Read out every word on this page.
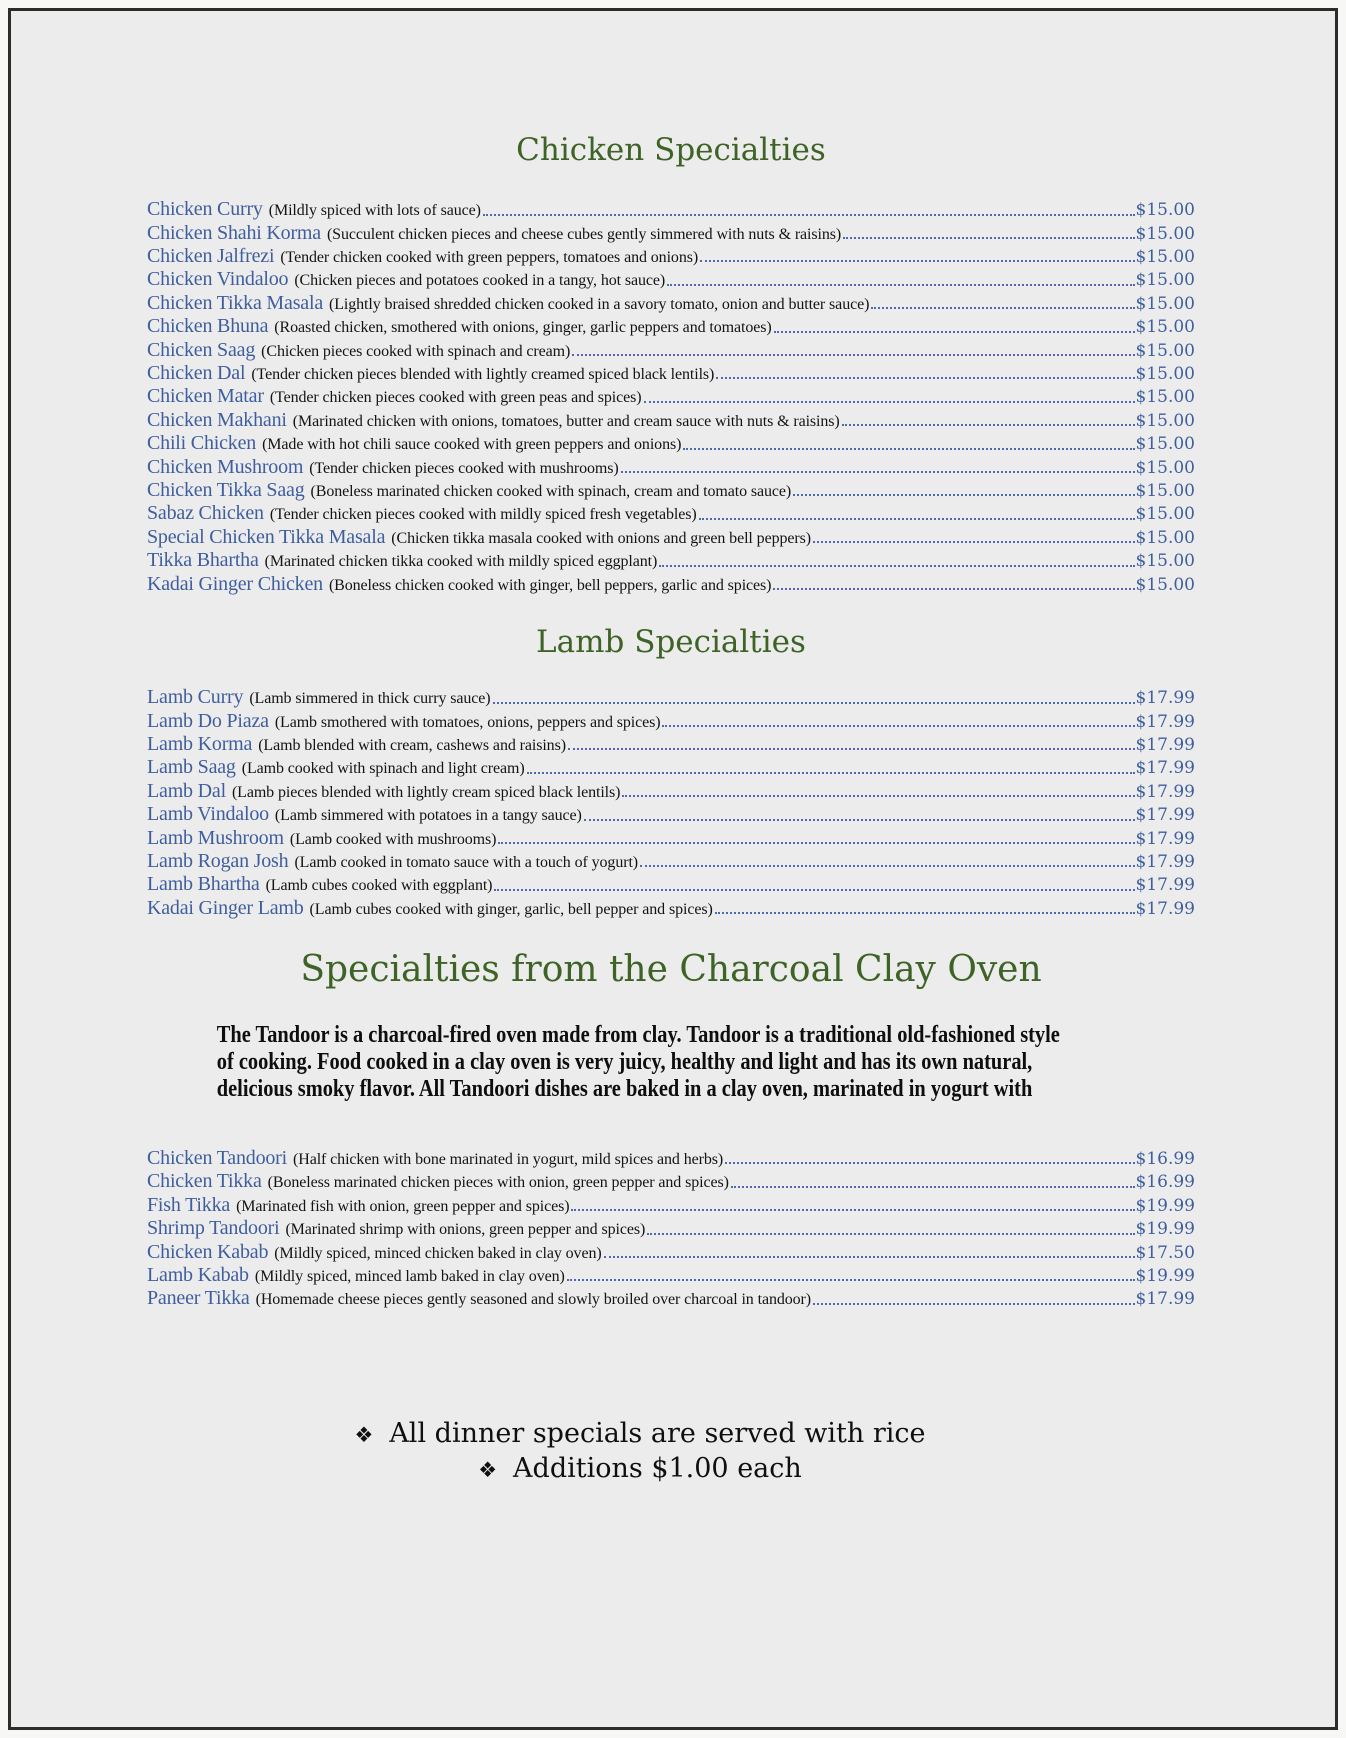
Chicken Specialties
Chicken Curry (Mildly spiced with lots of sauce)	$15.00
Chicken Shahi Korma (Succulent chicken pieces and cheese cubes gently simmered with nuts & raisins)	$15.00
Chicken Jalfrezi (Tender chicken cooked with green peppers, tomatoes and onions)	$15.00
Chicken Vindaloo (Chicken pieces and potatoes cooked in a tangy, hot sauce)	$15.00
Chicken Tikka Masala (Lightly braised shredded chicken cooked in a savory tomato, onion and butter sauce)	$15.00
Chicken Bhuna (Roasted chicken, smothered with onions, ginger, garlic peppers and tomatoes)	$15.00
Chicken Saag (Chicken pieces cooked with spinach and cream)	$15.00
Chicken Dal (Tender chicken pieces blended with lightly creamed spiced black lentils)	$15.00
Chicken Matar (Tender chicken pieces cooked with green peas and spices)	$15.00
Chicken Makhani (Marinated chicken with onions, tomatoes, butter and cream sauce with nuts & raisins)	$15.00
Chili Chicken (Made with hot chili sauce cooked with green peppers and onions)	$15.00
Chicken Mushroom (Tender chicken pieces cooked with mushrooms)	$15.00
Chicken Tikka Saag (Boneless marinated chicken cooked with spinach, cream and tomato sauce)	$15.00
Sabaz Chicken (Tender chicken pieces cooked with mildly spiced fresh vegetables)	$15.00
Special Chicken Tikka Masala (Chicken tikka masala cooked with onions and green bell peppers)	$15.00
Tikka Bhartha (Marinated chicken tikka cooked with mildly spiced eggplant)	$15.00
Kadai Ginger Chicken (Boneless chicken cooked with ginger, bell peppers, garlic and spices)	$15.00
Lamb Specialties
Lamb Curry (Lamb simmered in thick curry sauce)	$17.99
Lamb Do Piaza (Lamb smothered with tomatoes, onions, peppers and spices)	$17.99
Lamb Korma (Lamb blended with cream, cashews and raisins)	$17.99
Lamb Saag (Lamb cooked with spinach and light cream)	$17.99
Lamb Dal (Lamb pieces blended with lightly cream spiced black lentils)	$17.99
Lamb Vindaloo (Lamb simmered with potatoes in a tangy sauce)	$17.99
Lamb Mushroom (Lamb cooked with mushrooms)	$17.99
Lamb Rogan Josh (Lamb cooked in tomato sauce with a touch of yogurt)	$17.99
Lamb Bhartha (Lamb cubes cooked with eggplant)	$17.99
Kadai Ginger Lamb (Lamb cubes cooked with ginger, garlic, bell pepper and spices)	$17.99
Specialties from the Charcoal Clay Oven

The Tandoor is a charcoal-fired oven made from clay. Tandoor is a traditional old-fashioned style
of cooking. Food cooked in a clay oven is very juicy, healthy and light and has its own natural,
delicious smoky flavor. All Tandoori dishes are baked in a clay oven, marinated in yogurt with

Chicken Tandoori (Half chicken with bone marinated in yogurt, mild spices and herbs)	$16.99
Chicken Tikka (Boneless marinated chicken pieces with onion, green pepper and spices)	$16.99
Fish Tikka (Marinated fish with onion, green pepper and spices)	$19.99
Shrimp Tandoori (Marinated shrimp with onions, green pepper and spices)	$19.99
Chicken Kabab (Mildly spiced, minced chicken baked in clay oven)	$17.50
Lamb Kabab (Mildly spiced, minced lamb baked in clay oven)	$19.99
Paneer Tikka (Homemade cheese pieces gently seasoned and slowly broiled over charcoal in tandoor)	$17.99
❖ All dinner specials are served with rice
❖ Additions $1.00 each
